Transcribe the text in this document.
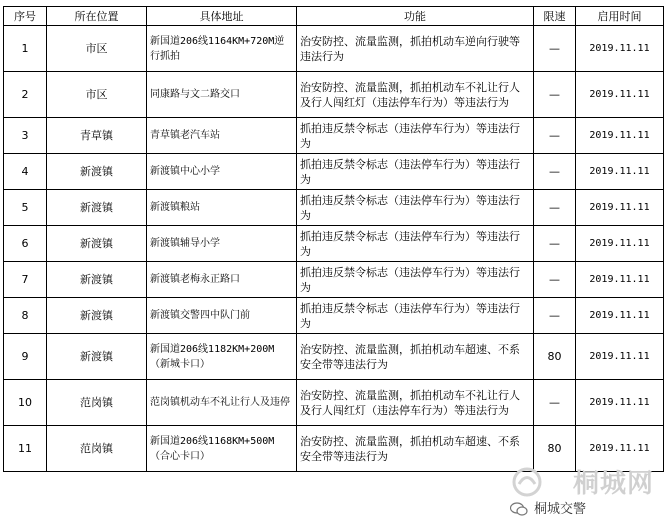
序号	所在位置	具体地址	功能	限速	启用时间
1	市区	新国道206线1164KM+720M逆行抓拍	治安防控、流量监测，抓拍机动车逆向行驶等违法行为	—	2019.11.11
2	市区	同康路与文二路交口	治安防控、流量监测，抓拍机动车不礼让行人及行人闯红灯（违法停车行为）等违法行为	—	2019.11.11
3	青草镇	青草镇老汽车站	抓拍违反禁令标志（违法停车行为）等违法行为	—	2019.11.11
4	新渡镇	新渡镇中心小学	抓拍违反禁令标志（违法停车行为）等违法行为	—	2019.11.11
5	新渡镇	新渡镇粮站	抓拍违反禁令标志（违法停车行为）等违法行为	—	2019.11.11
6	新渡镇	新渡镇辅导小学	抓拍违反禁令标志（违法停车行为）等违法行为	—	2019.11.11
7	新渡镇	新渡镇老梅永正路口	抓拍违反禁令标志（违法停车行为）等违法行为	—	2019.11.11
8	新渡镇	新渡镇交警四中队门前	抓拍违反禁令标志（违法停车行为）等违法行为	—	2019.11.11
9	新渡镇	新国道206线1182KM+200M（新城卡口）	治安防控、流量监测，抓拍机动车超速、不系安全带等违法行为	80	2019.11.11
10	范岗镇	范岗镇机动车不礼让行人及违停	治安防控、流量监测，抓拍机动车不礼让行人及行人闯红灯（违法停车行为）等违法行为	—	2019.11.11
11	范岗镇	新国道206线1168KM+500M（合心卡口）	治安防控、流量监测，抓拍机动车超速、不系安全带等违法行为	80	2019.11.11
桐城网
桐城交警
